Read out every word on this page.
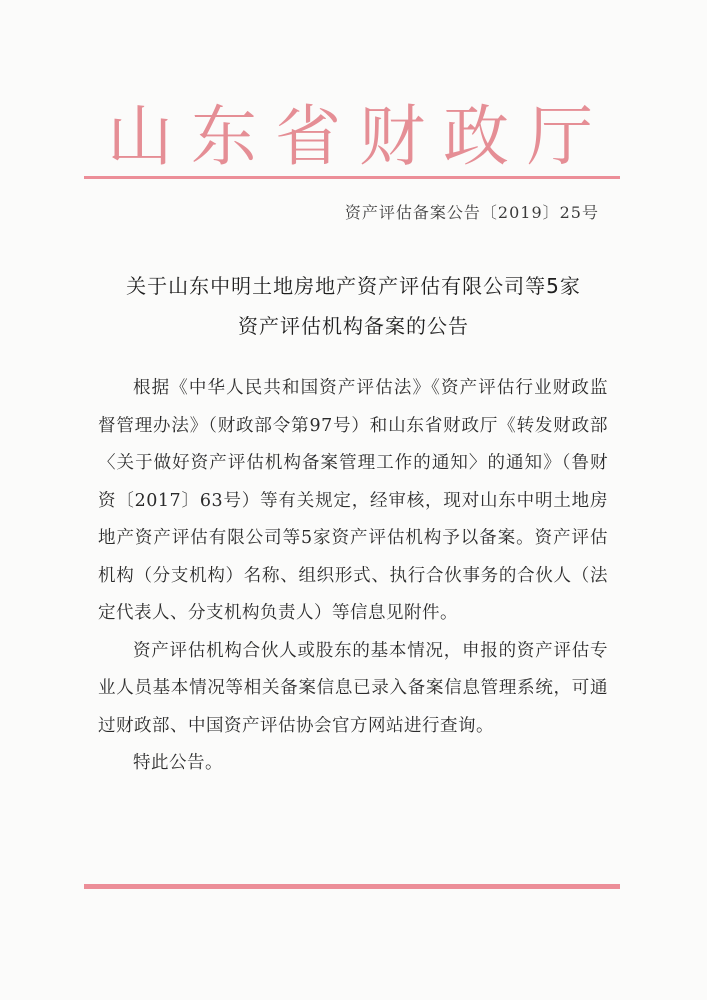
山东省财政厅
资产评估备案公告〔2019〕25号
关于山东中明土地房地产资产评估有限公司等5家
资产评估机构备案的公告

根据《中华人民共和国资产评估法》《资产评估行业财政监督管理办法》（财政部令第97号）和山东省财政厅《转发财政部〈关于做好资产评估机构备案管理工作的通知〉的通知》（鲁财资〔2017〕63号）等有关规定，经审核，现对山东中明土地房地产资产评估有限公司等5家资产评估机构予以备案。资产评估机构（分支机构）名称、组织形式、执行合伙事务的合伙人（法定代表人、分支机构负责人）等信息见附件。

资产评估机构合伙人或股东的基本情况，申报的资产评估专业人员基本情况等相关备案信息已录入备案信息管理系统，可通过财政部、中国资产评估协会官方网站进行查询。

特此公告。
